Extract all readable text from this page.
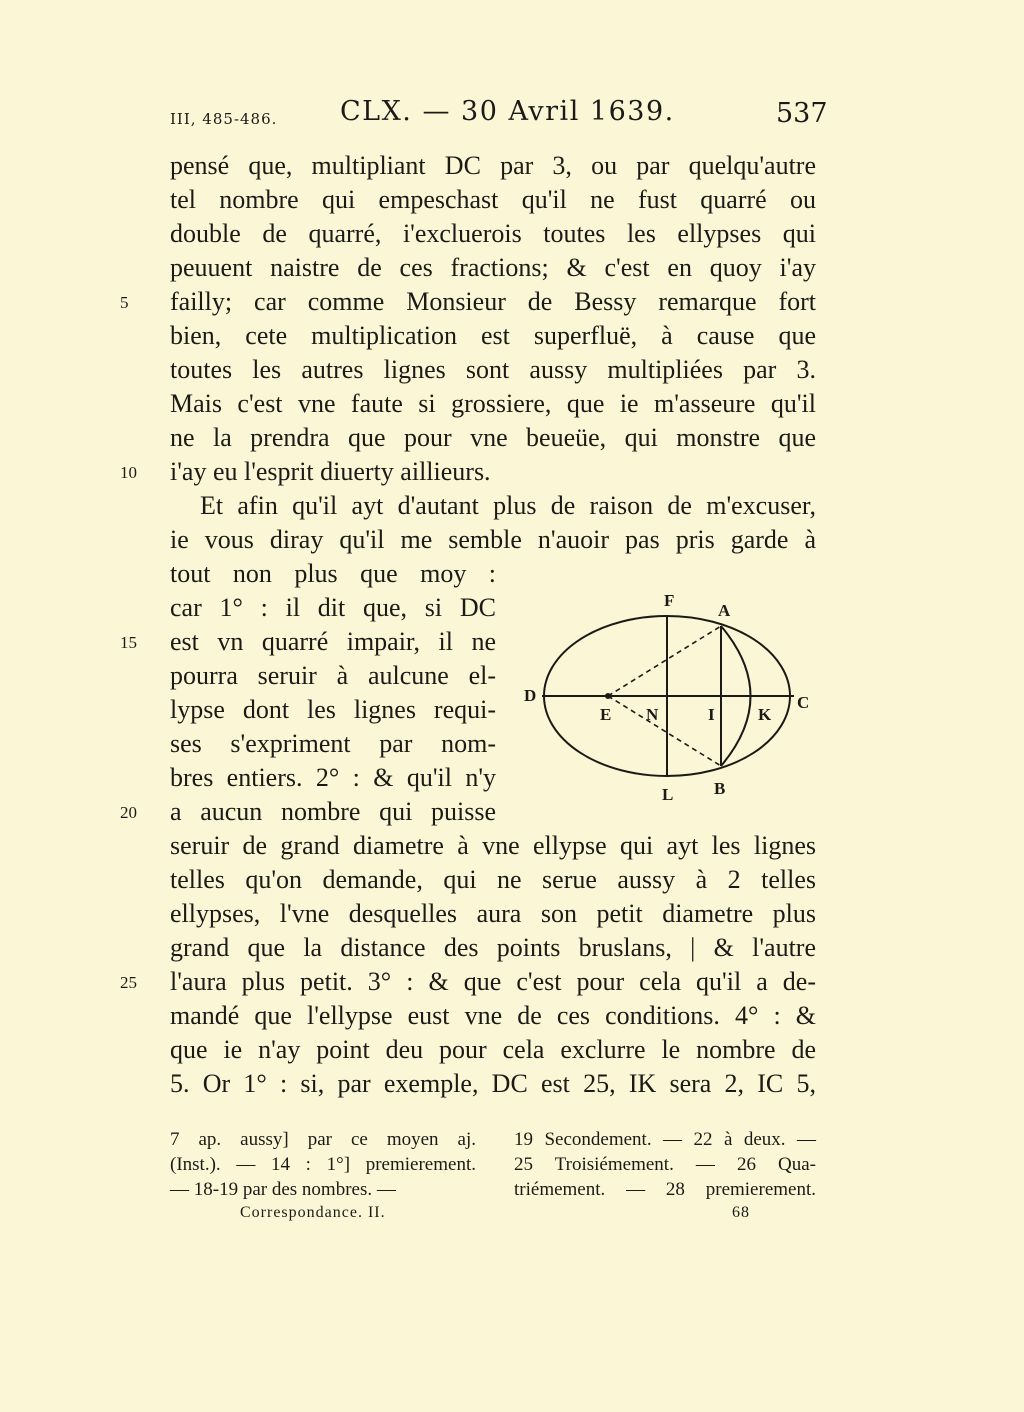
III, 485-486. CLX. — 30 Avril 1639.	537
pensé que, multipliant DC par 3, ou par quelqu'autre
tel nombre qui empeschast qu'il ne fust quarré ou
double de quarré, i'excluerois toutes les ellypses qui
peuuent naistre de ces fractions; & c'est en quoy i'ay
failly; car comme Monsieur de Bessy remarque fort
bien, cete multiplication est superfluë, à cause que
toutes les autres lignes sont aussy multipliées par 3.
Mais c'est vne faute si grossiere, que ie m'asseure qu'il
ne la prendra que pour vne beueüe, qui monstre que
i'ay eu l'esprit diuerty aillieurs.
Et afin qu'il ayt d'autant plus de raison de m'excuser,
ie vous diray qu'il me semble n'auoir pas pris garde à
tout non plus que moy :
car 1° : il dit que, si DC
est vn quarré impair, il ne
pourra seruir à aulcune el-
lypse dont les lignes requi-
ses s'expriment par nom-
bres entiers. 2° : & qu'il n'y
a aucun nombre qui puisse
seruir de grand diametre à vne ellypse qui ayt les lignes
telles qu'on demande, qui ne serue aussy à 2 telles
ellypses, l'vne desquelles aura son petit diametre plus
grand que la distance des points bruslans, | & l'autre
l'aura plus petit. 3° : & que c'est pour cela qu'il a de-
mandé que l'ellypse eust vne de ces conditions. 4° : &
que ie n'ay point deu pour cela exclurre le nombre de
5. Or 1° : si, par exemple, DC est 25, IK sera 2, IC 5,
5
10
15
20
25
F
A
D	C
E N	I	K
L B
7 ap. aussy] par ce moyen aj.
(Inst.). — 14 : 1°] premierement.
— 18-19 par des nombres. —
19 Secondement. — 22 à deux. —
25 Troisiémement. — 26 Qua-
triémement. — 28 premierement.
Correspondance. II.	68
